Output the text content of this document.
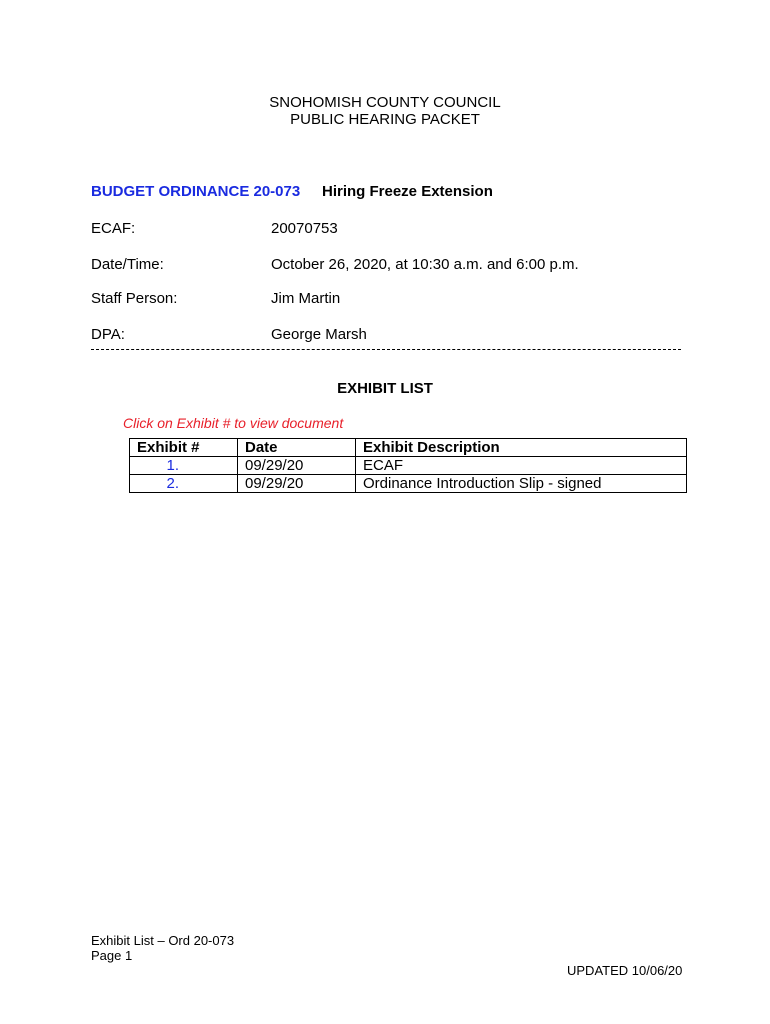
SNOHOMISH COUNTY COUNCIL
PUBLIC HEARING PACKET
BUDGET ORDINANCE 20-073 Hiring Freeze Extension
ECAF:	20070753
Date/Time:	October 26, 2020, at 10:30 a.m. and 6:00 p.m.
Staff Person:	Jim Martin
DPA:	George Marsh
EXHIBIT LIST
Click on Exhibit # to view document
Exhibit #	Date	Exhibit Description
1.	09/29/20	ECAF
2.	09/29/20	Ordinance Introduction Slip - signed
Exhibit List – Ord 20-073
Page 1
UPDATED 10/06/20
